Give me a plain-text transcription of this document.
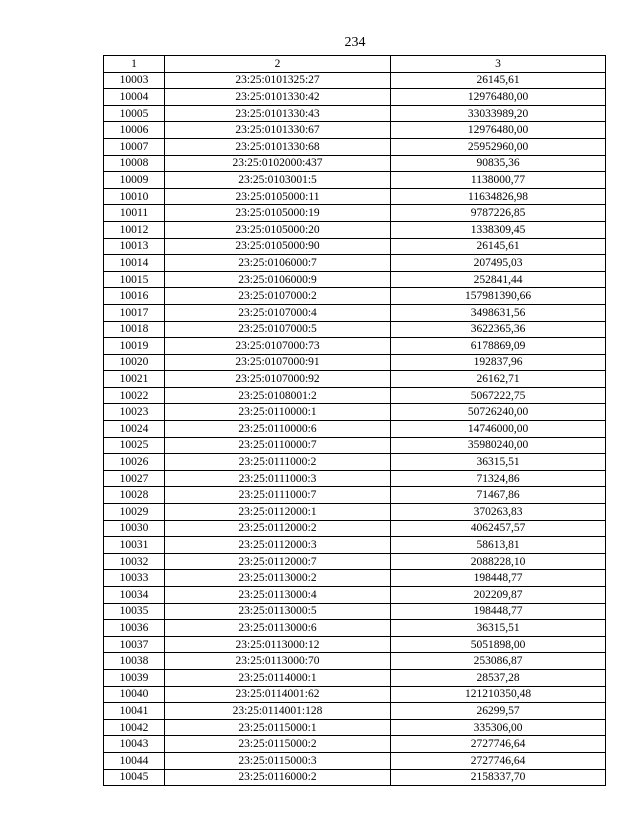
234
1	2	3
10003	23:25:0101325:27	26145,61
10004	23:25:0101330:42	12976480,00
10005	23:25:0101330:43	33033989,20
10006	23:25:0101330:67	12976480,00
10007	23:25:0101330:68	25952960,00
10008	23:25:0102000:437	90835,36
10009	23:25:0103001:5	1138000,77
10010	23:25:0105000:11	11634826,98
10011	23:25:0105000:19	9787226,85
10012	23:25:0105000:20	1338309,45
10013	23:25:0105000:90	26145,61
10014	23:25:0106000:7	207495,03
10015	23:25:0106000:9	252841,44
10016	23:25:0107000:2	157981390,66
10017	23:25:0107000:4	3498631,56
10018	23:25:0107000:5	3622365,36
10019	23:25:0107000:73	6178869,09
10020	23:25:0107000:91	192837,96
10021	23:25:0107000:92	26162,71
10022	23:25:0108001:2	5067222,75
10023	23:25:0110000:1	50726240,00
10024	23:25:0110000:6	14746000,00
10025	23:25:0110000:7	35980240,00
10026	23:25:0111000:2	36315,51
10027	23:25:0111000:3	71324,86
10028	23:25:0111000:7	71467,86
10029	23:25:0112000:1	370263,83
10030	23:25:0112000:2	4062457,57
10031	23:25:0112000:3	58613,81
10032	23:25:0112000:7	2088228,10
10033	23:25:0113000:2	198448,77
10034	23:25:0113000:4	202209,87
10035	23:25:0113000:5	198448,77
10036	23:25:0113000:6	36315,51
10037	23:25:0113000:12	5051898,00
10038	23:25:0113000:70	253086,87
10039	23:25:0114000:1	28537,28
10040	23:25:0114001:62	121210350,48
10041	23:25:0114001:128	26299,57
10042	23:25:0115000:1	335306,00
10043	23:25:0115000:2	2727746,64
10044	23:25:0115000:3	2727746,64
10045	23:25:0116000:2	2158337,70
